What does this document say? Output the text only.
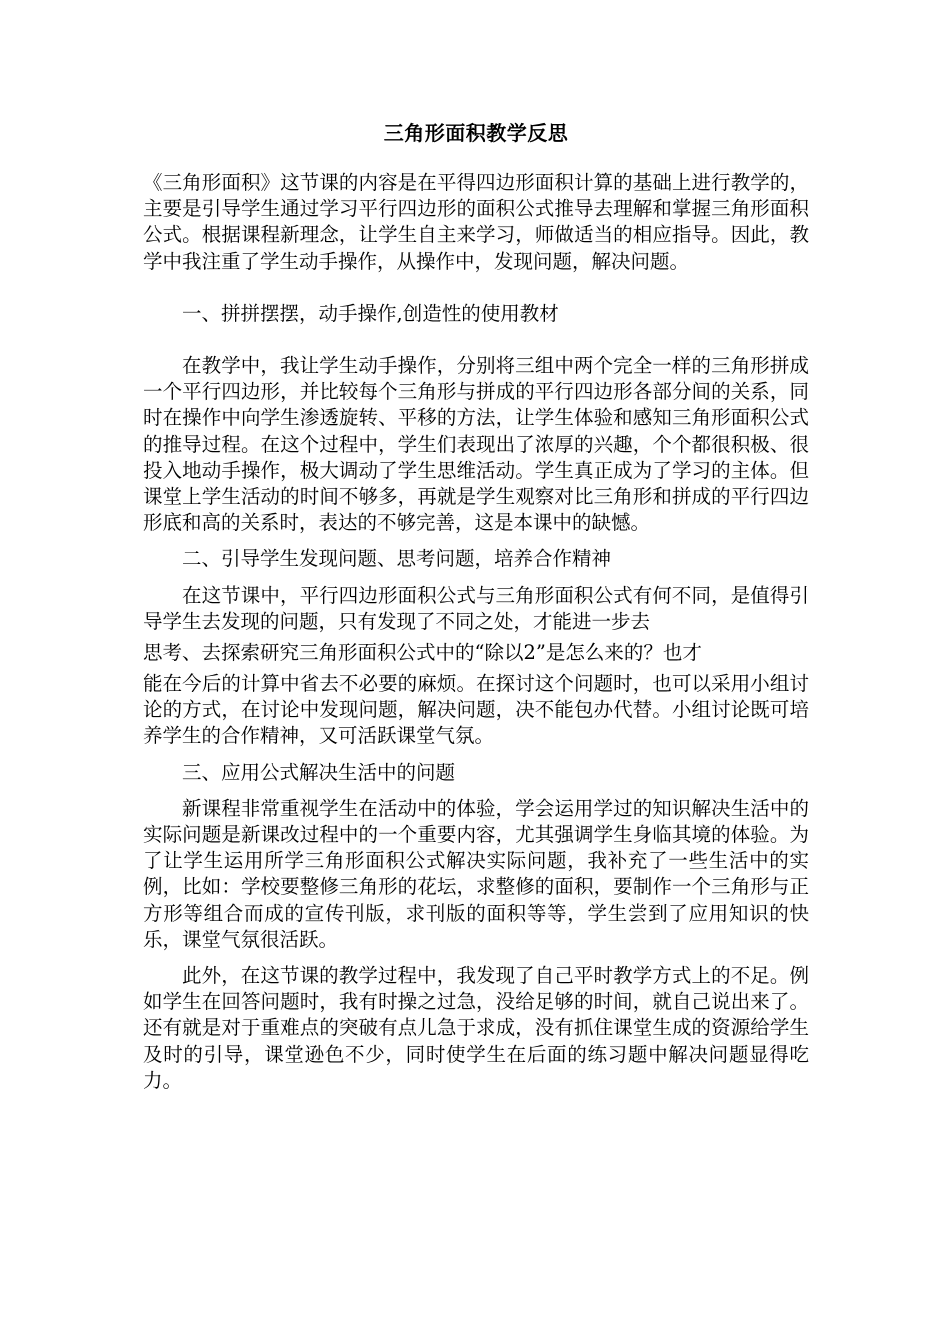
三角形面积教学反思

《三角形面积》这节课的内容是在平得四边形面积计算的基础上进行教学的，主要是引导学生通过学习平行四边形的面积公式推导去理解和掌握三角形面积公式。根据课程新理念，让学生自主来学习，师做适当的相应指导。因此，教学中我注重了学生动手操作，从操作中，发现问题，解决问题。

一、拼拼摆摆，动手操作,创造性的使用教材

在教学中，我让学生动手操作，分别将三组中两个完全一样的三角形拼成一个平行四边形，并比较每个三角形与拼成的平行四边形各部分间的关系，同时在操作中向学生渗透旋转、平移的方法，让学生体验和感知三角形面积公式的推导过程。在这个过程中，学生们表现出了浓厚的兴趣，个个都很积极、很投入地动手操作，极大调动了学生思维活动。学生真正成为了学习的主体。但课堂上学生活动的时间不够多，再就是学生观察对比三角形和拼成的平行四边形底和高的关系时，表达的不够完善，这是本课中的缺憾。

二、引导学生发现问题、思考问题，培养合作精神

在这节课中，平行四边形面积公式与三角形面积公式有何不同，是值得引导学生去发现的问题，只有发现了不同之处，才能进一步去

思考、去探索研究三角形面积公式中的“除以2”是怎么来的？也才

能在今后的计算中省去不必要的麻烦。在探讨这个问题时，也可以采用小组讨论的方式，在讨论中发现问题，解决问题，决不能包办代替。小组讨论既可培养学生的合作精神，又可活跃课堂气氛。

三、应用公式解决生活中的问题

新课程非常重视学生在活动中的体验，学会运用学过的知识解决生活中的实际问题是新课改过程中的一个重要内容，尤其强调学生身临其境的体验。为了让学生运用所学三角形面积公式解决实际问题，我补充了一些生活中的实例，比如：学校要整修三角形的花坛，求整修的面积，要制作一个三角形与正方形等组合而成的宣传刊版，求刊版的面积等等，学生尝到了应用知识的快乐，课堂气氛很活跃。

此外，在这节课的教学过程中，我发现了自己平时教学方式上的不足。例如学生在回答问题时，我有时操之过急，没给足够的时间，就自己说出来了。还有就是对于重难点的突破有点儿急于求成，没有抓住课堂生成的资源给学生及时的引导，课堂逊色不少，同时使学生在后面的练习题中解决问题显得吃力。
